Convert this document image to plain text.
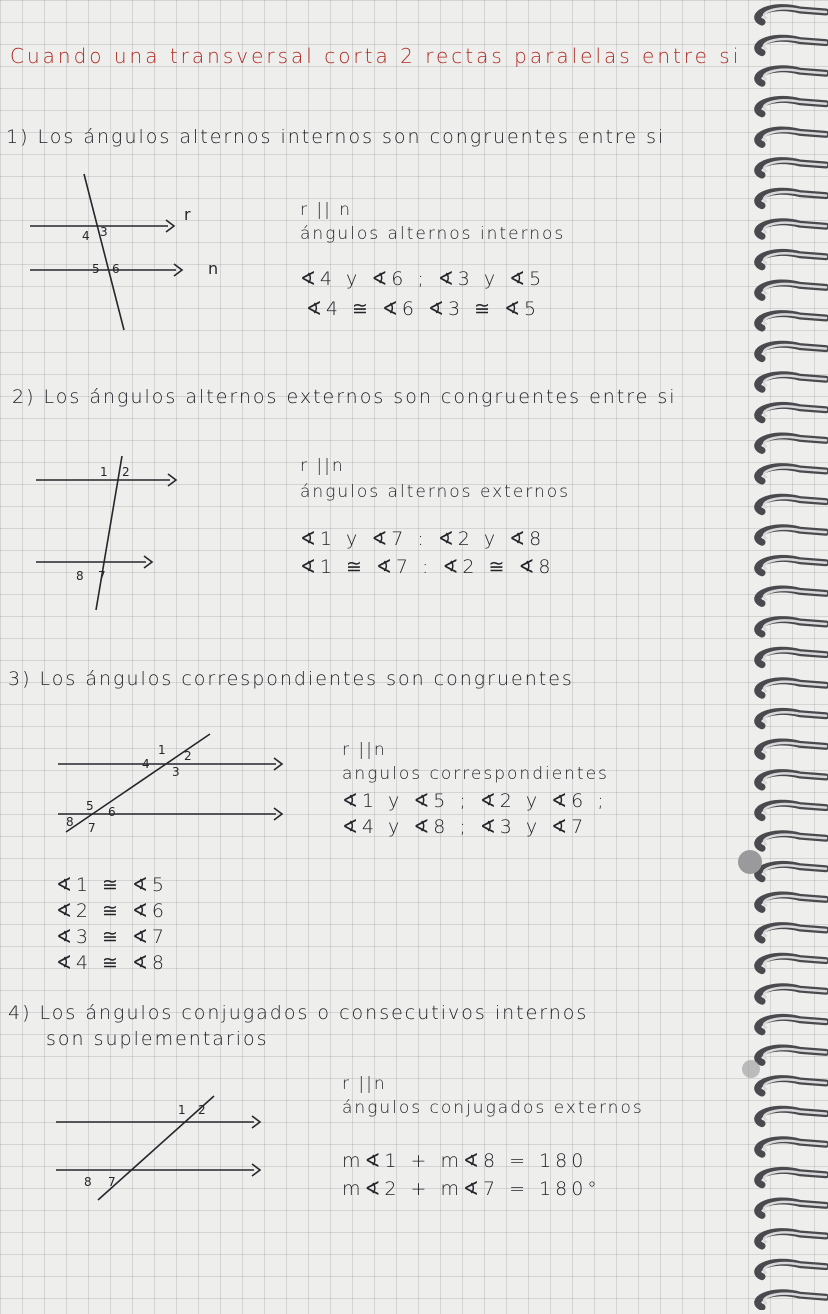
Cuando una transversal corta 2 rectas paralelas entre si
1) Los ángulos alternos internos son congruentes entre si
4 3
5 6
r
n
r || n
ángulos alternos internos
∢4 y ∢6 ; ∢3 y ∢5
∢4 ≅ ∢6 ∢3 ≅ ∢5
2) Los ángulos alternos externos son congruentes entre si
1 2
8 7
r ||n
ángulos alternos externos
∢1 y ∢7 : ∢2 y ∢8
∢1 ≅ ∢7 : ∢2 ≅ ∢8
3) Los ángulos correspondientes son congruentes
1 2
4
3
5 6
8 7
r ||n
angulos correspondientes
∢1 y ∢5 ; ∢2 y ∢6 ;
∢4 y ∢8 ; ∢3 y ∢7
∢1 ≅ ∢5
∢2 ≅ ∢6
∢3 ≅ ∢7
∢4 ≅ ∢8
4) Los ángulos conjugados o consecutivos internos
son suplementarios
1 2
8 7
r ||n
ángulos conjugados externos
m∢1 + m∢8 = 180
m∢2 + m∢7 = 180°
